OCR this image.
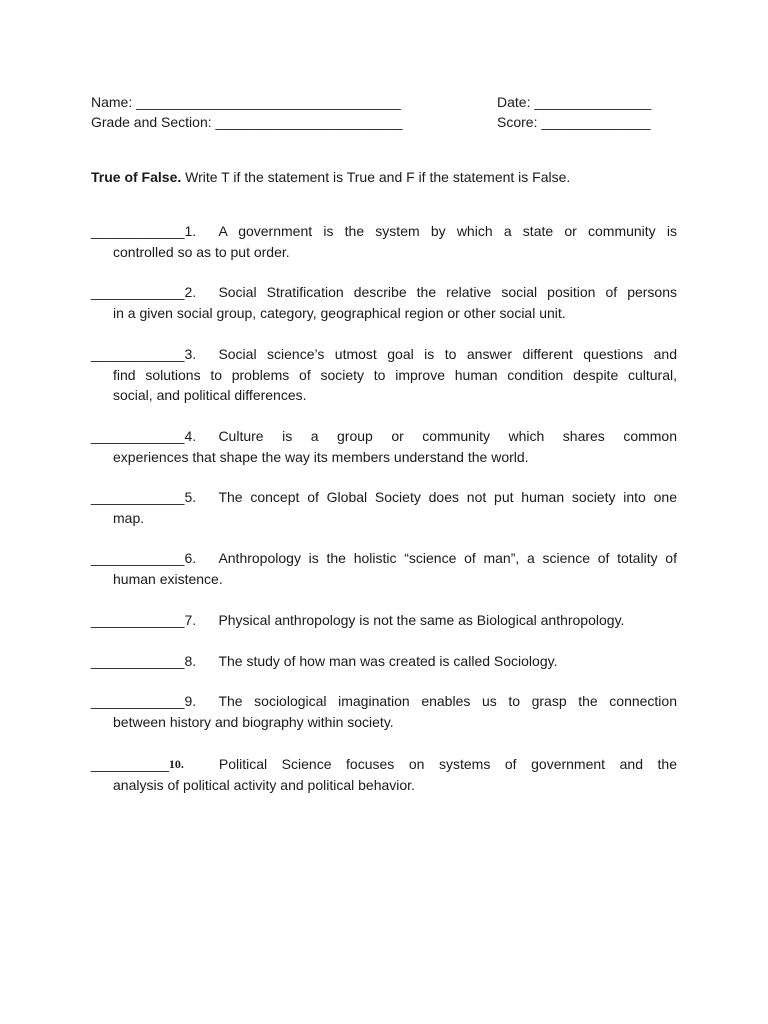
Name: __________________________________	Date: _______________
Grade and Section: ________________________	Score: ______________
True of False. Write T if the statement is True and F if the statement is False.
____________ 1.	A government is the system by which a state or community is
controlled so as to put order.
____________ 2.	Social Stratification describe the relative social position of persons
in a given social group, category, geographical region or other social unit.
____________ 3.	Social science’s utmost goal is to answer different questions and
find solutions to problems of society to improve human condition despite cultural,
social, and political differences.
____________ 4.	Culture is a group or community which shares common
experiences that shape the way its members understand the world.
____________ 5.	The concept of Global Society does not put human society into one
map.
____________ 6.	Anthropology is the holistic “science of man”, a science of totality of
human existence.
____________ 7.	Physical anthropology is not the same as Biological anthropology.
____________ 8.	The study of how man was created is called Sociology.
____________ 9.	The sociological imagination enables us to grasp the connection
between history and biography within society.
__________ 10.	Political Science focuses on systems of government and the
analysis of political activity and political behavior.
